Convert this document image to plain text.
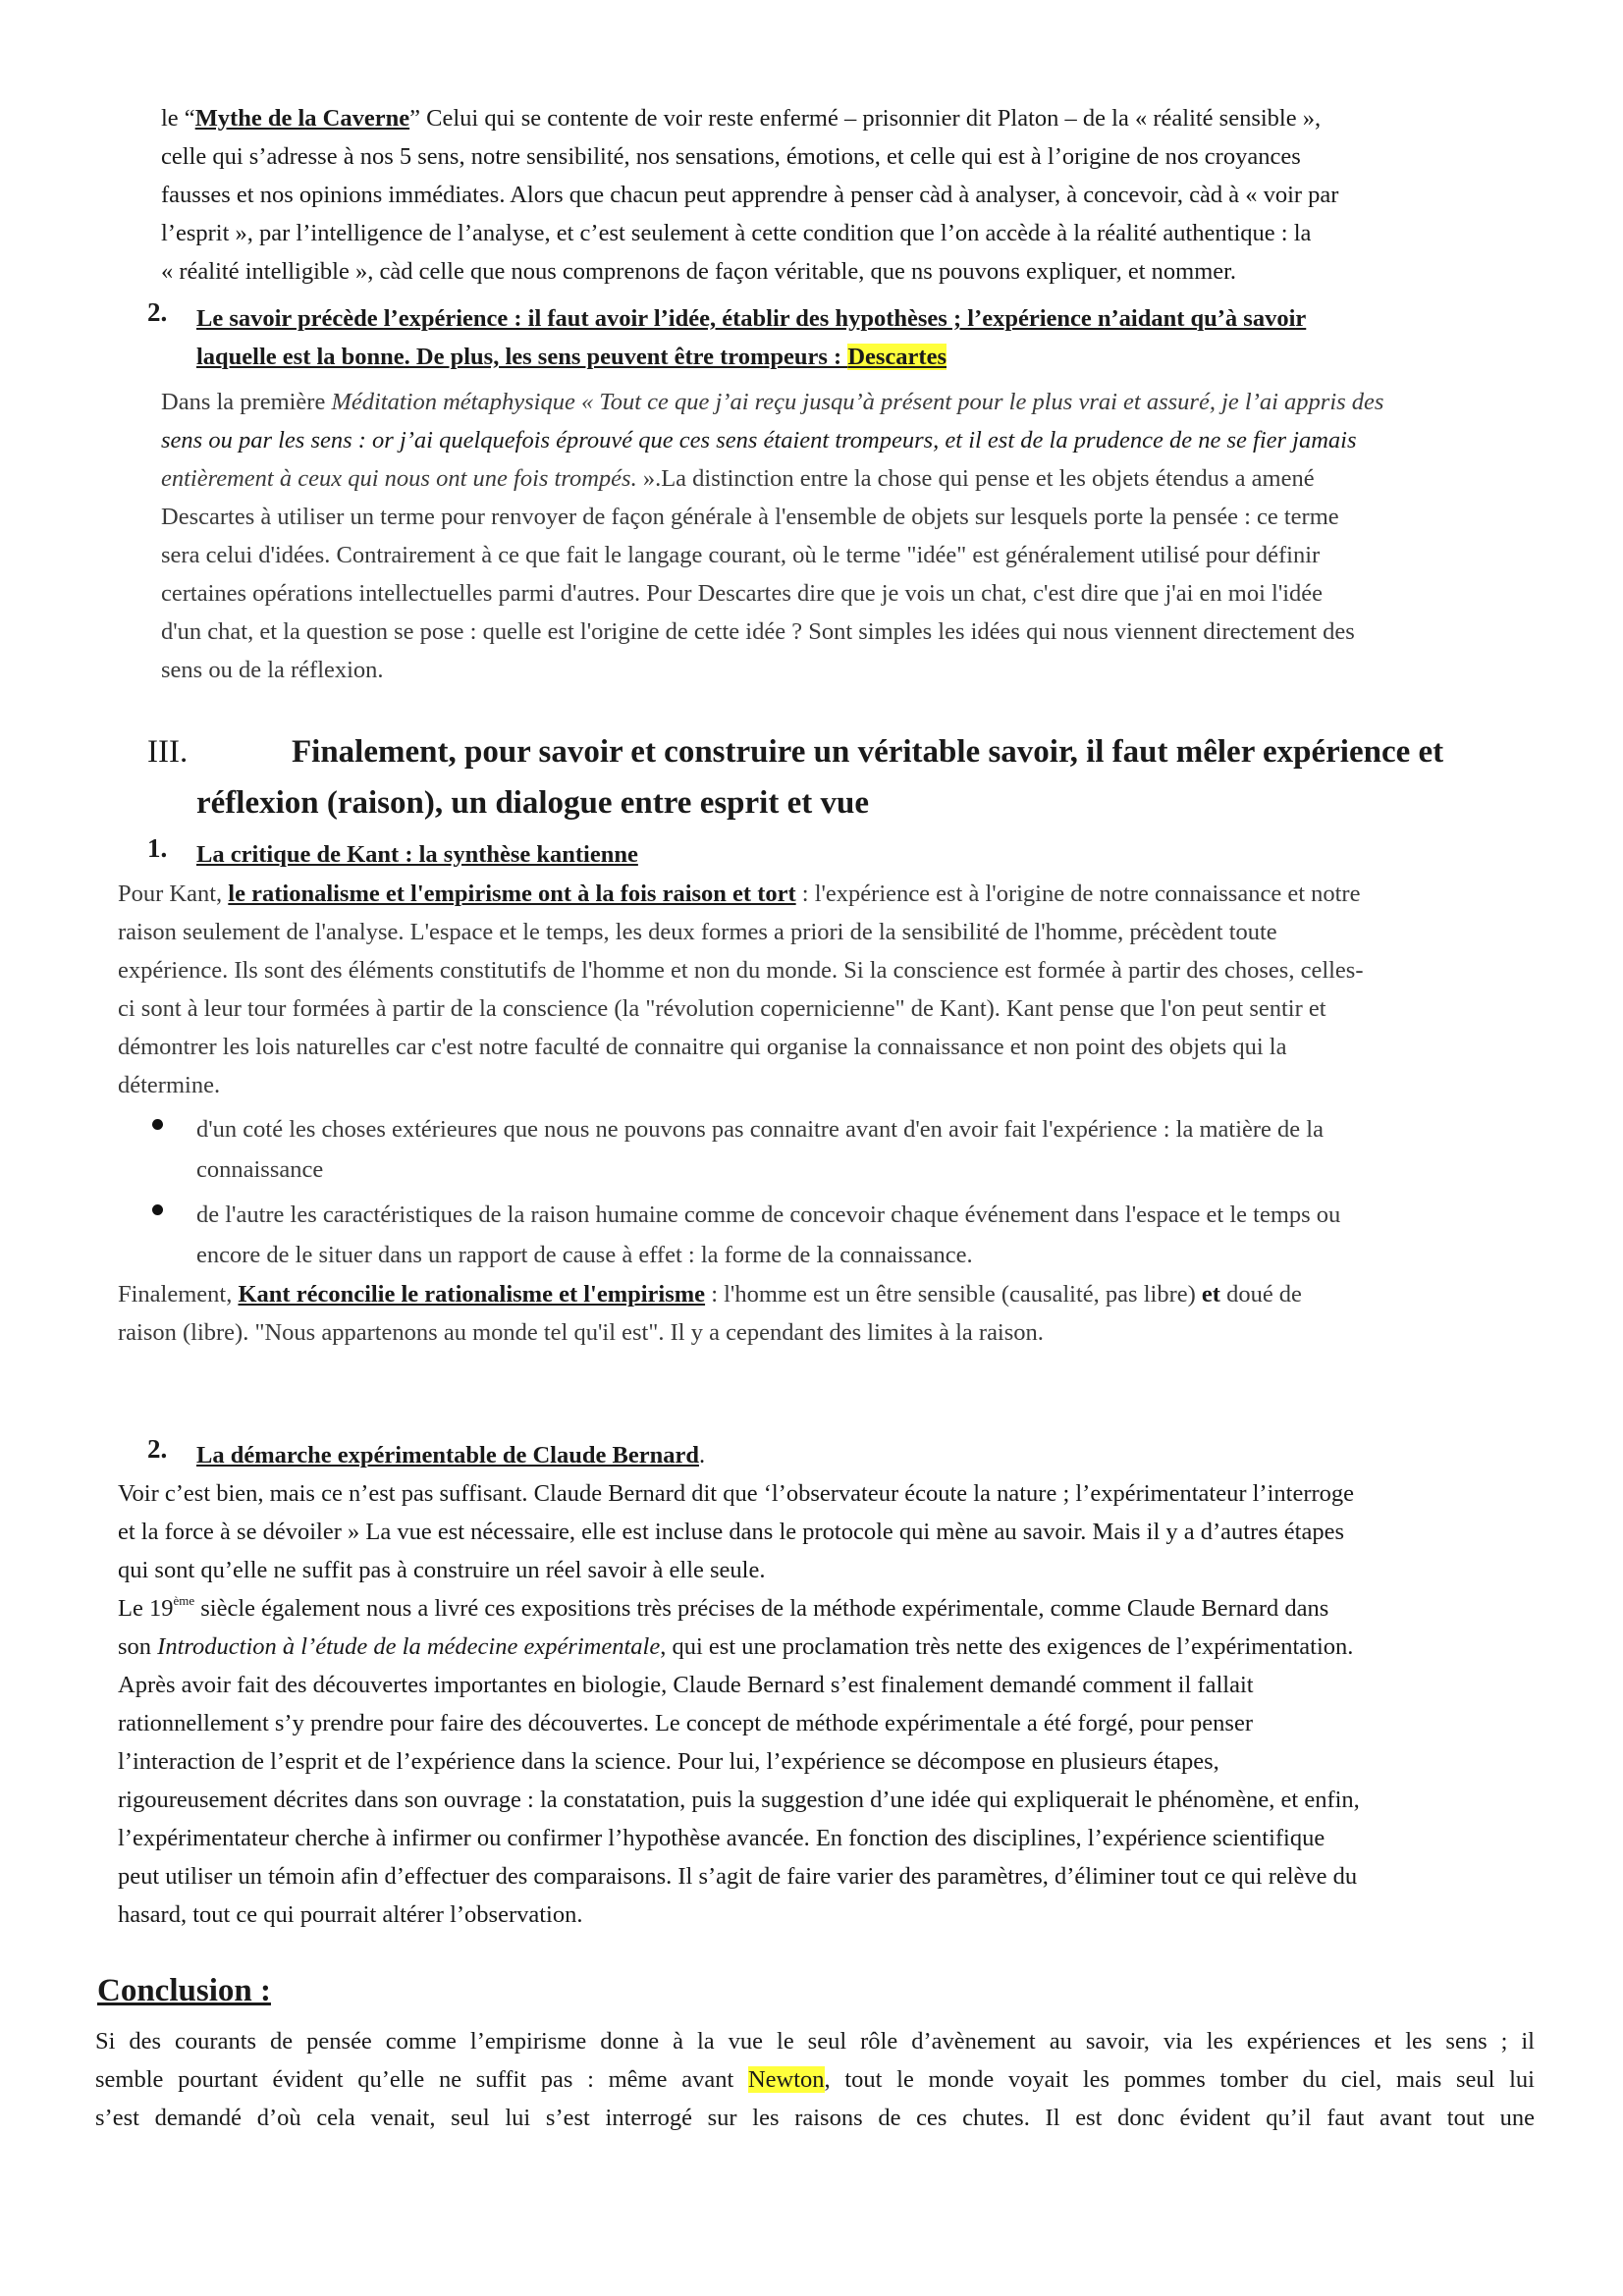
le “Mythe de la Caverne” Celui qui se contente de voir reste enfermé – prisonnier dit Platon – de la « réalité sensible »,

celle qui s’adresse à nos 5 sens, notre sensibilité, nos sensations, émotions, et celle qui est à l’origine de nos croyances

fausses et nos opinions immédiates. Alors que chacun peut apprendre à penser càd à analyser, à concevoir, càd à « voir par

l’esprit », par l’intelligence de l’analyse, et c’est seulement à cette condition que l’on accède à la réalité authentique : la

« réalité intelligible », càd celle que nous comprenons de façon véritable, que ns pouvons expliquer, et nommer.

2. Le savoir précède l’expérience : il faut avoir l’idée, établir des hypothèses ; l’expérience n’aidant qu’à savoir

laquelle est la bonne. De plus, les sens peuvent être trompeurs : Descartes

Dans la première Méditation métaphysique « Tout ce que j’ai reçu jusqu’à présent pour le plus vrai et assuré, je l’ai appris des

sens ou par les sens : or j’ai quelquefois éprouvé que ces sens étaient trompeurs, et il est de la prudence de ne se fier jamais

entièrement à ceux qui nous ont une fois trompés. ».La distinction entre la chose qui pense et les objets étendus a amené

Descartes à utiliser un terme pour renvoyer de façon générale à l'ensemble de objets sur lesquels porte la pensée : ce terme

sera celui d'idées. Contrairement à ce que fait le langage courant, où le terme "idée" est généralement utilisé pour définir

certaines opérations intellectuelles parmi d'autres. Pour Descartes dire que je vois un chat, c'est dire que j'ai en moi l'idée

d'un chat, et la question se pose : quelle est l'origine de cette idée ? Sont simples les idées qui nous viennent directement des

sens ou de la réflexion.

III.	Finalement, pour savoir et construire un véritable savoir, il faut mêler expérience et

réflexion (raison), un dialogue entre esprit et vue

1. La critique de Kant : la synthèse kantienne

Pour Kant, le rationalisme et l'empirisme ont à la fois raison et tort : l'expérience est à l'origine de notre connaissance et notre

raison seulement de l'analyse. L'espace et le temps, les deux formes a priori de la sensibilité de l'homme, précèdent toute

expérience. Ils sont des éléments constitutifs de l'homme et non du monde. Si la conscience est formée à partir des choses, celles-

ci sont à leur tour formées à partir de la conscience (la "révolution copernicienne" de Kant). Kant pense que l'on peut sentir et

démontrer les lois naturelles car c'est notre faculté de connaitre qui organise la connaissance et non point des objets qui la

détermine.

d'un coté les choses extérieures que nous ne pouvons pas connaitre avant d'en avoir fait l'expérience : la matière de la

connaissance

de l'autre les caractéristiques de la raison humaine comme de concevoir chaque événement dans l'espace et le temps ou

encore de le situer dans un rapport de cause à effet : la forme de la connaissance.

Finalement, Kant réconcilie le rationalisme et l'empirisme : l'homme est un être sensible (causalité, pas libre) et doué de

raison (libre). "Nous appartenons au monde tel qu'il est". Il y a cependant des limites à la raison.

2. La démarche expérimentable de Claude Bernard.

Voir c’est bien, mais ce n’est pas suffisant. Claude Bernard dit que ‘l’observateur écoute la nature ; l’expérimentateur l’interroge

et la force à se dévoiler » La vue est nécessaire, elle est incluse dans le protocole qui mène au savoir. Mais il y a d’autres étapes

qui sont qu’elle ne suffit pas à construire un réel savoir à elle seule.

Le 19ème siècle également nous a livré ces expositions très précises de la méthode expérimentale, comme Claude Bernard dans

son Introduction à l’étude de la médecine expérimentale, qui est une proclamation très nette des exigences de l’expérimentation.

Après avoir fait des découvertes importantes en biologie, Claude Bernard s’est finalement demandé comment il fallait

rationnellement s’y prendre pour faire des découvertes. Le concept de méthode expérimentale a été forgé, pour penser

l’interaction de l’esprit et de l’expérience dans la science. Pour lui, l’expérience se décompose en plusieurs étapes,

rigoureusement décrites dans son ouvrage : la constatation, puis la suggestion d’une idée qui expliquerait le phénomène, et enfin,

l’expérimentateur cherche à infirmer ou confirmer l’hypothèse avancée. En fonction des disciplines, l’expérience scientifique

peut utiliser un témoin afin d’effectuer des comparaisons. Il s’agit de faire varier des paramètres, d’éliminer tout ce qui relève du

hasard, tout ce qui pourrait altérer l’observation.

Conclusion :

Si des courants de pensée comme l’empirisme donne à la vue le seul rôle d’avènement au savoir, via les expériences et les sens ; il

semble pourtant évident qu’elle ne suffit pas : même avant Newton, tout le monde voyait les pommes tomber du ciel, mais seul lui

s’est demandé d’où cela venait, seul lui s’est interrogé sur les raisons de ces chutes. Il est donc évident qu’il faut avant tout une
